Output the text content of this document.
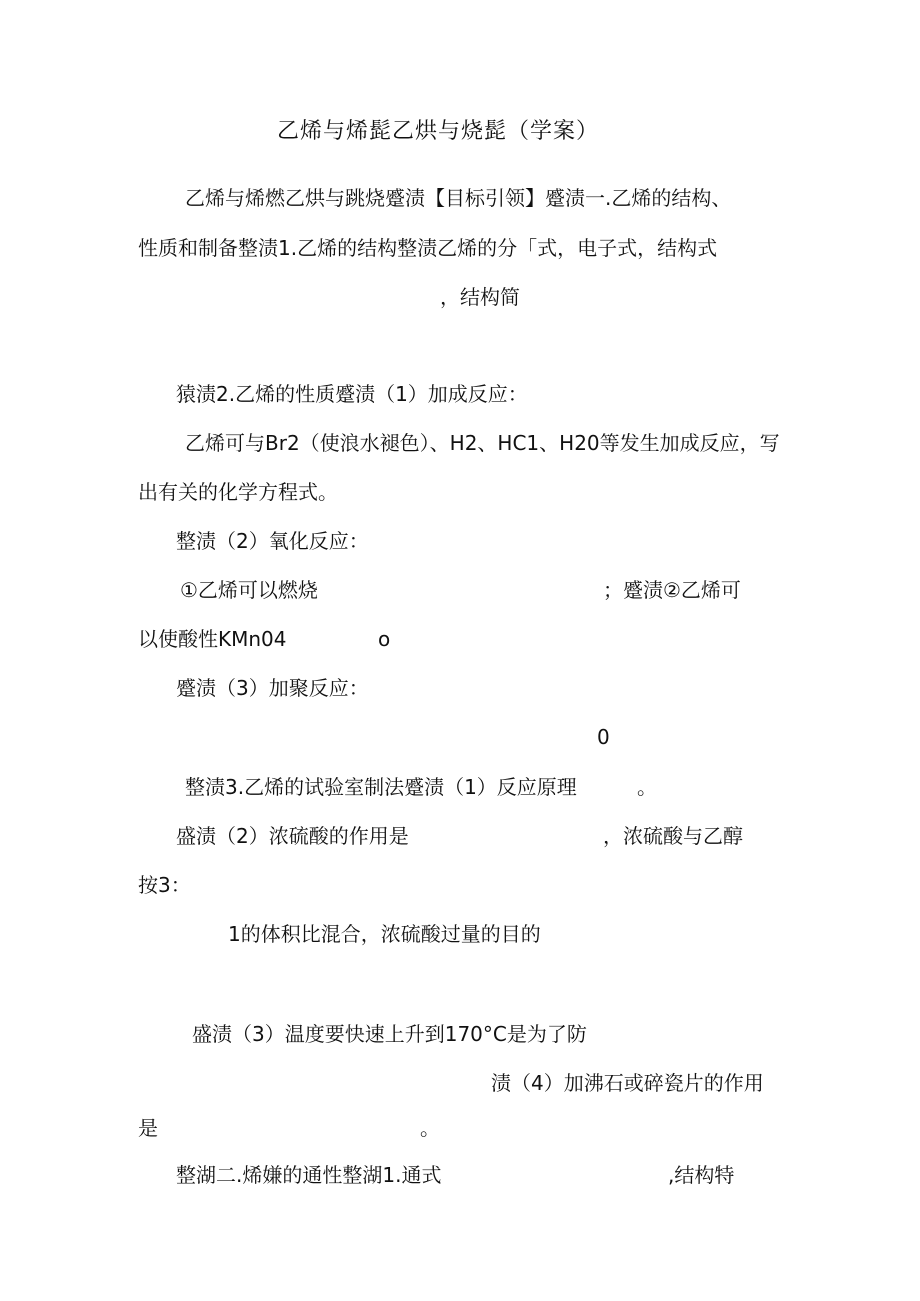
乙烯与烯髭乙烘与烧髭（学案）
乙烯与烯燃乙烘与跳烧蹙渍【目标引领】蹙渍一.乙烯的结构、
性质和制备整渍1.乙烯的结构整渍乙烯的分「式，电子式，结构式
，结构简
猿渍2.乙烯的性质蹙渍（1）加成反应：
乙烯可与Br2（使浪水褪色）、H2、HC1、H20等发生加成反应，写
出有关的化学方程式。
整渍（2）氧化反应：
①乙烯可以燃烧	；蹙渍②乙烯可
以使酸性KMn04	o
蹙渍（3）加聚反应：
0
整渍3.乙烯的试验室制法蹙渍（1）反应原理	。
盛渍（2）浓硫酸的作用是	，浓硫酸与乙醇
按3：
1的体积比混合，浓硫酸过量的目的
盛渍（3）温度要快速上升到170°C是为了防
渍（4）加沸石或碎瓷片的作用
是	。
整湖二.烯嫌的通性整湖1.通式	,结构特
